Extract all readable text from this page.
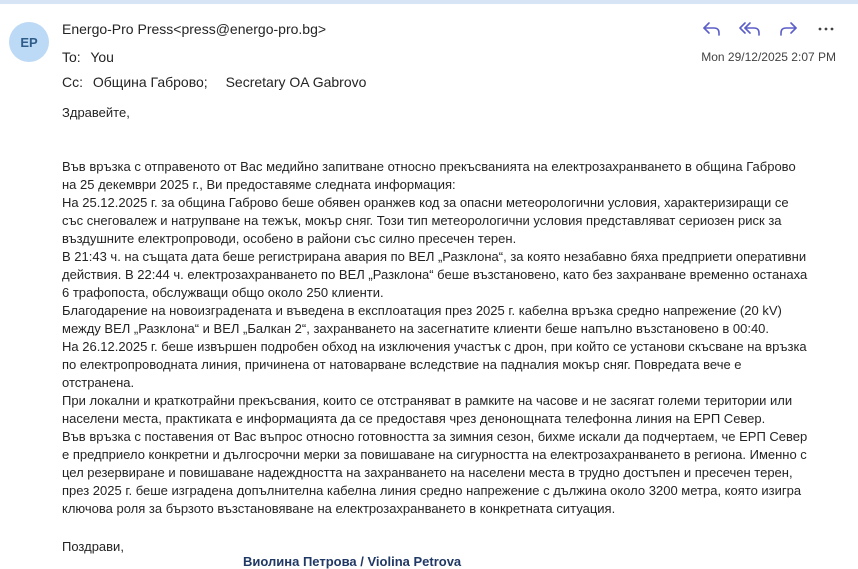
EP
Energo-Pro Press<press@energo-pro.bg>
To: You
Cc: Община Габрово; Secretary OA Gabrovo
Mon 29/12/2025 2:07 PM

Здравейте,

Във връзка с отправеното от Вас медийно запитване относно прекъсванията на електрозахранването в община Габрово

на 25 декември 2025 г., Ви предоставяме следната информация:

На 25.12.2025 г. за община Габрово беше обявен оранжев код за опасни метеорологични условия, характеризиращи се

със снеговалеж и натрупване на тежък, мокър сняг. Този тип метеорологични условия представляват сериозен риск за

въздушните електропроводи, особено в райони със силно пресечен терен.

В 21:43 ч. на същата дата беше регистрирана авария по ВЕЛ „Разклона“, за която незабавно бяха предприети оперативни

действия. В 22:44 ч. електрозахранването по ВЕЛ „Разклона“ беше възстановено, като без захранване временно останаха

6 трафопоста, обслужващи общо около 250 клиенти.

Благодарение на новоизградената и въведена в експлоатация през 2025 г. кабелна връзка средно напрежение (20 kV)

между ВЕЛ „Разклона“ и ВЕЛ „Балкан 2“, захранването на засегнатите клиенти беше напълно възстановено в 00:40.

На 26.12.2025 г. беше извършен подробен обход на изключения участък с дрон, при който се установи скъсване на връзка

по електропроводната линия, причинена от натоварване вследствие на падналия мокър сняг. Повредата вече е

отстранена.

При локални и краткотрайни прекъсвания, които се отстраняват в рамките на часове и не засягат големи територии или

населени места, практиката е информацията да се предоставя чрез денонощната телефонна линия на ЕРП Север.

Във връзка с поставения от Вас въпрос относно готовността за зимния сезон, бихме искали да подчертаем, че ЕРП Север

е предприело конкретни и дългосрочни мерки за повишаване на сигурността на електрозахранването в региона. Именно с

цел резервиране и повишаване надеждността на захранването на населени места в трудно достъпен и пресечен терен,

през 2025 г. беше изградена допълнителна кабелна линия средно напрежение с дължина около 3200 метра, която изигра

ключова роля за бързото възстановяване на електрозахранването в конкретната ситуация.

Поздрави,

Виолина Петрова / Violina Petrova
